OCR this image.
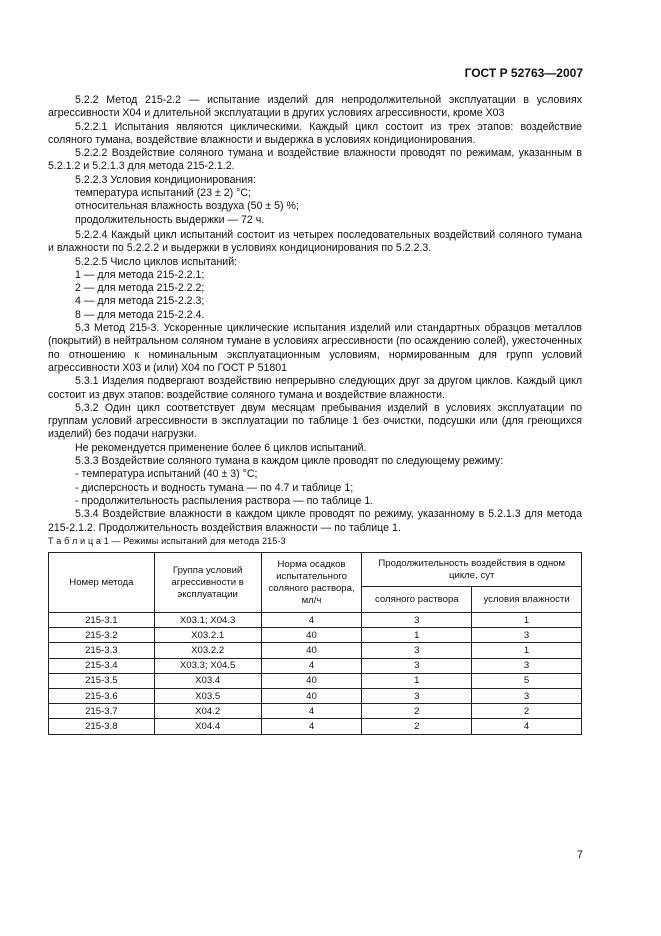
ГОСТ Р 52763—2007

5.2.2 Метод 215-2.2 — испытание изделий для непродолжительной эксплуатации в условиях агрессивности Х04 и длительной эксплуатации в других условиях агрессивности, кроме Х03

5.2.2.1 Испытания являются циклическими. Каждый цикл состоит из трех этапов: воздействие соляного тумана, воздействие влажности и выдержка в условиях кондиционирования.

5.2.2.2 Воздействие соляного тумана и воздействие влажности проводят по режимам, указанным в 5.2.1.2 и 5.2.1.3 для метода 215-2.1.2.

5.2.2.3 Условия кондиционирования:

температура испытаний (23 ± 2) °С;

относительная влажность воздуха (50 ± 5) %;

продолжительность выдержки — 72 ч.

5.2.2.4 Каждый цикл испытаний состоит из четырех последовательных воздействий соляного тумана и влажности по 5.2.2.2 и выдержки в условиях кондиционирования по 5.2.2.3.

5.2.2.5 Число циклов испытаний:

1 — для метода 215-2.2.1;

2 — для метода 215-2.2.2;

4 — для метода 215-2.2.3;

8 — для метода 215-2.2.4.

5.3 Метод 215-3. Ускоренные циклические испытания изделий или стандартных образцов металлов (покрытий) в нейтральном соляном тумане в условиях агрессивности (по осаждению солей), ужесточенных по отношению к номинальным эксплуатационным условиям, нормированным для групп условий агрессивности Х03 и (или) Х04 по ГОСТ Р 51801

5.3.1 Изделия подвергают воздействию непрерывно следующих друг за другом циклов. Каждый цикл состоит из двух этапов: воздействие соляного тумана и воздействие влажности.

5.3.2 Один цикл соответствует двум месяцам пребывания изделий в условиях эксплуатации по группам условий агрессивности в эксплуатации по таблице 1 без очистки, подсушки или (для греющихся изделий) без подачи нагрузки.

Не рекомендуется применение более 6 циклов испытаний.

5.3.3 Воздействие соляного тумана в каждом цикле проводят по следующему режиму:

- температура испытаний (40 ± 3) °С;

- дисперсность и водность тумана — по 4.7 и таблице 1;

- продолжительность распыления раствора — по таблице 1.

5.3.4 Воздействие влажности в каждом цикле проводят по режиму, указанному в 5.2.1.3 для метода 215-2.1.2. Продолжительность воздействия влажности — по таблице 1.

Т а б л и ц а 1 — Режимы испытаний для метода 215-3
Номер метода	Группа условий агрессивности в эксплуатации	Норма осадков испытательного соляного раствора, мл/ч	Продолжительность воздействия в одном цикле, сут	
			соляного раствора	условия влажности
215-3.1	Х03.1; Х04.3	4	3	1
215-3.2	Х03.2.1	40	1	3
215-3.3	Х03.2.2	40	3	1
215-3.4	Х03.3; Х04.5	4	3	3
215-3.5	Х03.4	40	1	5
215-3.6	Х03.5	40	3	3
215-3.7	Х04.2	4	2	2
215-3.8	Х04.4	4	2	4
7
